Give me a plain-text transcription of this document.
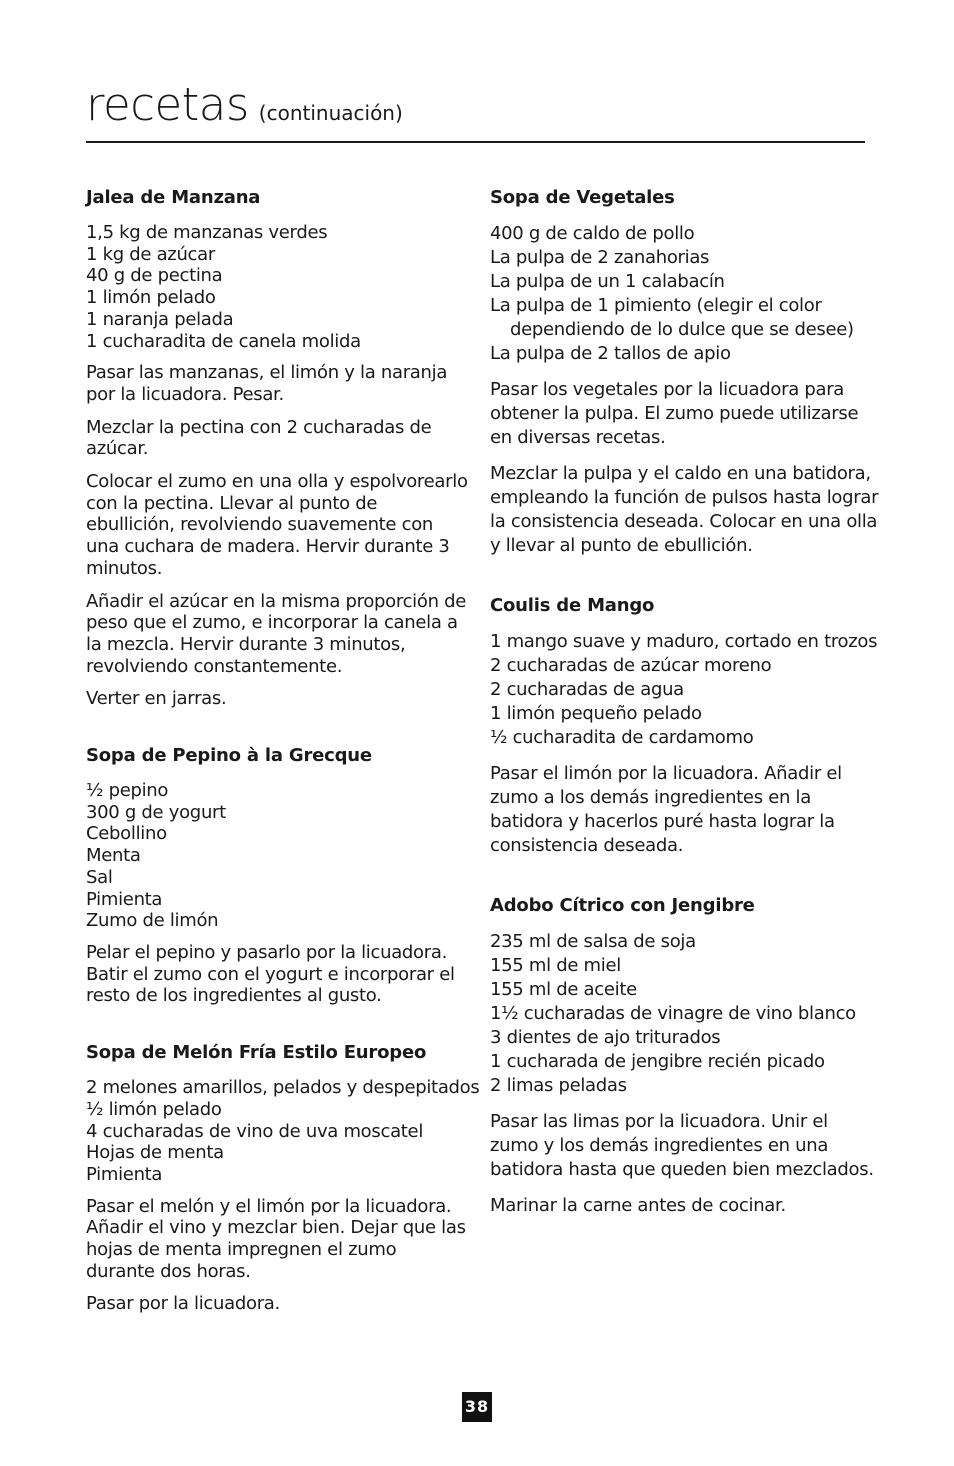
recetas (continuación)
Jalea de Manzana
1,5 kg de manzanas verdes
1 kg de azúcar
40 g de pectina
1 limón pelado
1 naranja pelada
1 cucharadita de canela molida

Pasar las manzanas, el limón y la naranja por la licuadora. Pesar.

Mezclar la pectina con 2 cucharadas de azúcar.

Colocar el zumo en una olla y espolvorearlo con la pectina. Llevar al punto de ebullición, revolviendo suavemente con una cuchara de madera. Hervir durante 3 minutos.

Añadir el azúcar en la misma proporción de peso que el zumo, e incorporar la canela a la mezcla. Hervir durante 3 minutos, revolviendo constantemente.

Verter en jarras.

Sopa de Pepino à la Grecque
½ pepino
300 g de yogurt
Cebollino
Menta
Sal
Pimienta
Zumo de limón

Pelar el pepino y pasarlo por la licuadora. Batir el zumo con el yogurt e incorporar el resto de los ingredientes al gusto.

Sopa de Melón Fría Estilo Europeo
2 melones amarillos, pelados y despepitados
½ limón pelado
4 cucharadas de vino de uva moscatel
Hojas de menta
Pimienta

Pasar el melón y el limón por la licuadora. Añadir el vino y mezclar bien. Dejar que las hojas de menta impregnen el zumo durante dos horas.

Pasar por la licuadora.

Sopa de Vegetales
400 g de caldo de pollo
La pulpa de 2 zanahorias
La pulpa de un 1 calabacín
La pulpa de 1 pimiento (elegir el color
dependiendo de lo dulce que se desee)
La pulpa de 2 tallos de apio

Pasar los vegetales por la licuadora para obtener la pulpa. El zumo puede utilizarse en diversas recetas.

Mezclar la pulpa y el caldo en una batidora, empleando la función de pulsos hasta lograr la consistencia deseada. Colocar en una olla y llevar al punto de ebullición.

Coulis de Mango
1 mango suave y maduro, cortado en trozos
2 cucharadas de azúcar moreno
2 cucharadas de agua
1 limón pequeño pelado
½ cucharadita de cardamomo

Pasar el limón por la licuadora. Añadir el zumo a los demás ingredientes en la batidora y hacerlos puré hasta lograr la consistencia deseada.

Adobo Cítrico con Jengibre
235 ml de salsa de soja
155 ml de miel
155 ml de aceite
1½ cucharadas de vinagre de vino blanco
3 dientes de ajo triturados
1 cucharada de jengibre recién picado
2 limas peladas

Pasar las limas por la licuadora. Unir el zumo y los demás ingredientes en una batidora hasta que queden bien mezclados.

Marinar la carne antes de cocinar.

38
